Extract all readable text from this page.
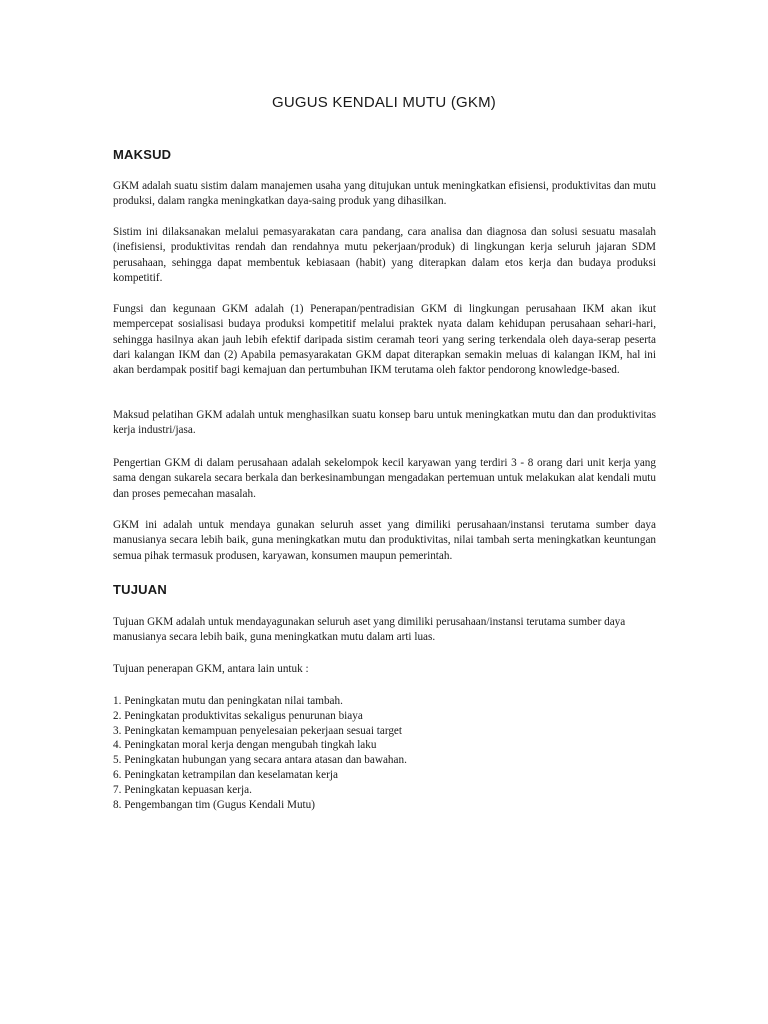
GUGUS KENDALI MUTU (GKM)
MAKSUD

GKM adalah suatu sistim dalam manajemen usaha yang ditujukan untuk meningkatkan efisiensi, produktivitas dan mutu produksi, dalam rangka meningkatkan daya-saing produk yang dihasilkan.

Sistim ini dilaksanakan melalui pemasyarakatan cara pandang, cara analisa dan diagnosa dan solusi sesuatu masalah (inefisiensi, produktivitas rendah dan rendahnya mutu pekerjaan/produk) di lingkungan kerja seluruh jajaran SDM perusahaan, sehingga dapat membentuk kebiasaan (habit) yang diterapkan dalam etos kerja dan budaya produksi kompetitif.

Fungsi dan kegunaan GKM adalah (1) Penerapan/pentradisian GKM di lingkungan perusahaan IKM akan ikut mempercepat sosialisasi budaya produksi kompetitif melalui praktek nyata dalam kehidupan perusahaan sehari-hari, sehingga hasilnya akan jauh lebih efektif daripada sistim ceramah teori yang sering terkendala oleh daya-serap peserta dari kalangan IKM dan (2) Apabila pemasyarakatan GKM dapat diterapkan semakin meluas di kalangan IKM, hal ini akan berdampak positif bagi kemajuan dan pertumbuhan IKM terutama oleh faktor pendorong knowledge-based.

Maksud pelatihan GKM adalah untuk menghasilkan suatu konsep baru untuk meningkatkan mutu dan dan produktivitas kerja industri/jasa.

Pengertian GKM di dalam perusahaan adalah sekelompok kecil karyawan yang terdiri 3 - 8 orang dari unit kerja yang sama dengan sukarela secara berkala dan berkesinambungan mengadakan pertemuan untuk melakukan alat kendali mutu dan proses pemecahan masalah.

GKM ini adalah untuk mendaya gunakan seluruh asset yang dimiliki perusahaan/instansi terutama sumber daya manusianya secara lebih baik, guna meningkatkan mutu dan produktivitas, nilai tambah serta meningkatkan keuntungan semua pihak termasuk produsen, karyawan, konsumen maupun pemerintah.

TUJUAN

Tujuan GKM adalah untuk mendayagunakan seluruh aset yang dimiliki perusahaan/instansi terutama sumber daya manusianya secara lebih baik, guna meningkatkan mutu dalam arti luas.

Tujuan penerapan GKM, antara lain untuk :

1. Peningkatan mutu dan peningkatan nilai tambah.
2. Peningkatan produktivitas sekaligus penurunan biaya
3. Peningkatan kemampuan penyelesaian pekerjaan sesuai target
4. Peningkatan moral kerja dengan mengubah tingkah laku
5. Peningkatan hubungan yang secara antara atasan dan bawahan.
6. Peningkatan ketrampilan dan keselamatan kerja
7. Peningkatan kepuasan kerja.
8. Pengembangan tim (Gugus Kendali Mutu)
